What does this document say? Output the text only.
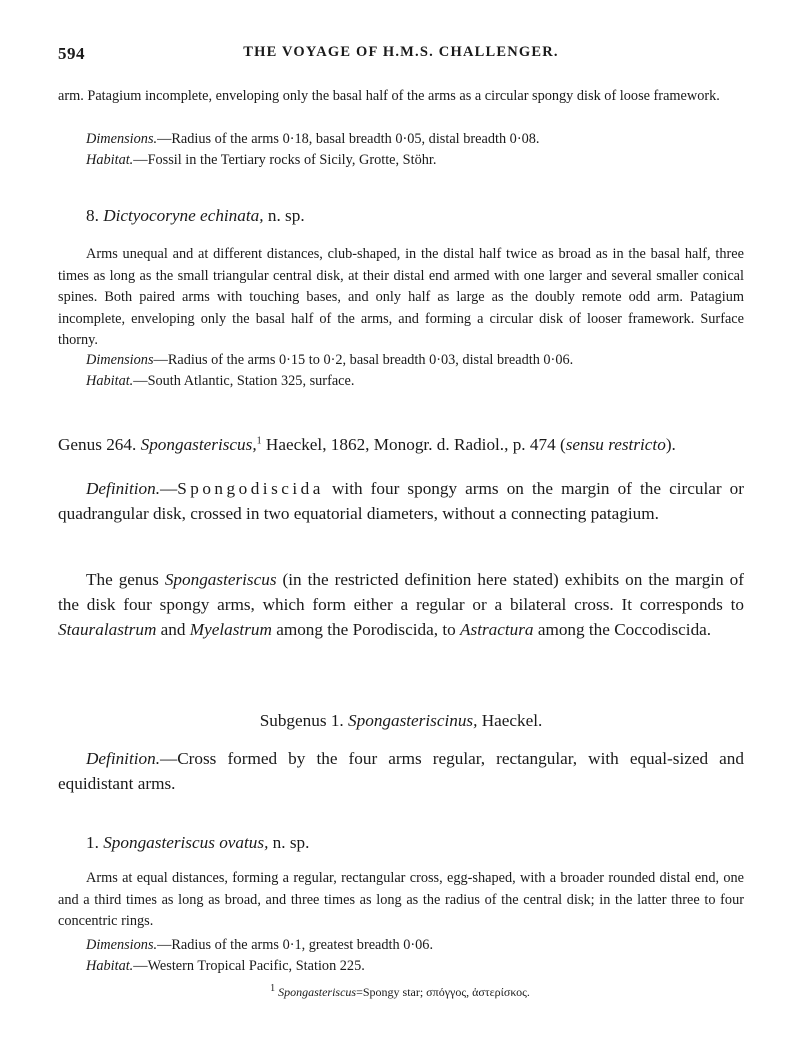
594	THE VOYAGE OF H.M.S. CHALLENGER.

arm. Patagium incomplete, enveloping only the basal half of the arms as a circular spongy disk of loose framework.

Dimensions.—Radius of the arms 0·18, basal breadth 0·05, distal breadth 0·08.

Habitat.—Fossil in the Tertiary rocks of Sicily, Grotte, Stöhr.

8. Dictyocoryne echinata, n. sp.

Arms unequal and at different distances, club-shaped, in the distal half twice as broad as in the basal half, three times as long as the small triangular central disk, at their distal end armed with one larger and several smaller conical spines. Both paired arms with touching bases, and only half as large as the doubly remote odd arm. Patagium incomplete, enveloping only the basal half of the arms, and forming a circular disk of looser framework. Surface thorny.

Dimensions—Radius of the arms 0·15 to 0·2, basal breadth 0·03, distal breadth 0·06.

Habitat.—South Atlantic, Station 325, surface.

Genus 264. Spongasteriscus,$^1$ Haeckel, 1862, Monogr. d. Radiol., p. 474 (sensu restricto).

Definition.—Spongodiscida with four spongy arms on the margin of the circular or quadrangular disk, crossed in two equatorial diameters, without a connecting patagium.

The genus Spongasteriscus (in the restricted definition here stated) exhibits on the margin of the disk four spongy arms, which form either a regular or a bilateral cross. It corresponds to Stauralastrum and Myelastrum among the Porodiscida, to Astractura among the Coccodiscida.

Subgenus 1. Spongasteriscinus, Haeckel.

Definition.—Cross formed by the four arms regular, rectangular, with equal-sized and equidistant arms.

1. Spongasteriscus ovatus, n. sp.

Arms at equal distances, forming a regular, rectangular cross, egg-shaped, with a broader rounded distal end, one and a third times as long as broad, and three times as long as the radius of the central disk; in the latter three to four concentric rings.

Dimensions.—Radius of the arms 0·1, greatest breadth 0·06.

Habitat.—Western Tropical Pacific, Station 225.

$^1$ Spongasteriscus=Spongy star; σπόγγος, ἀστερίσκος.
